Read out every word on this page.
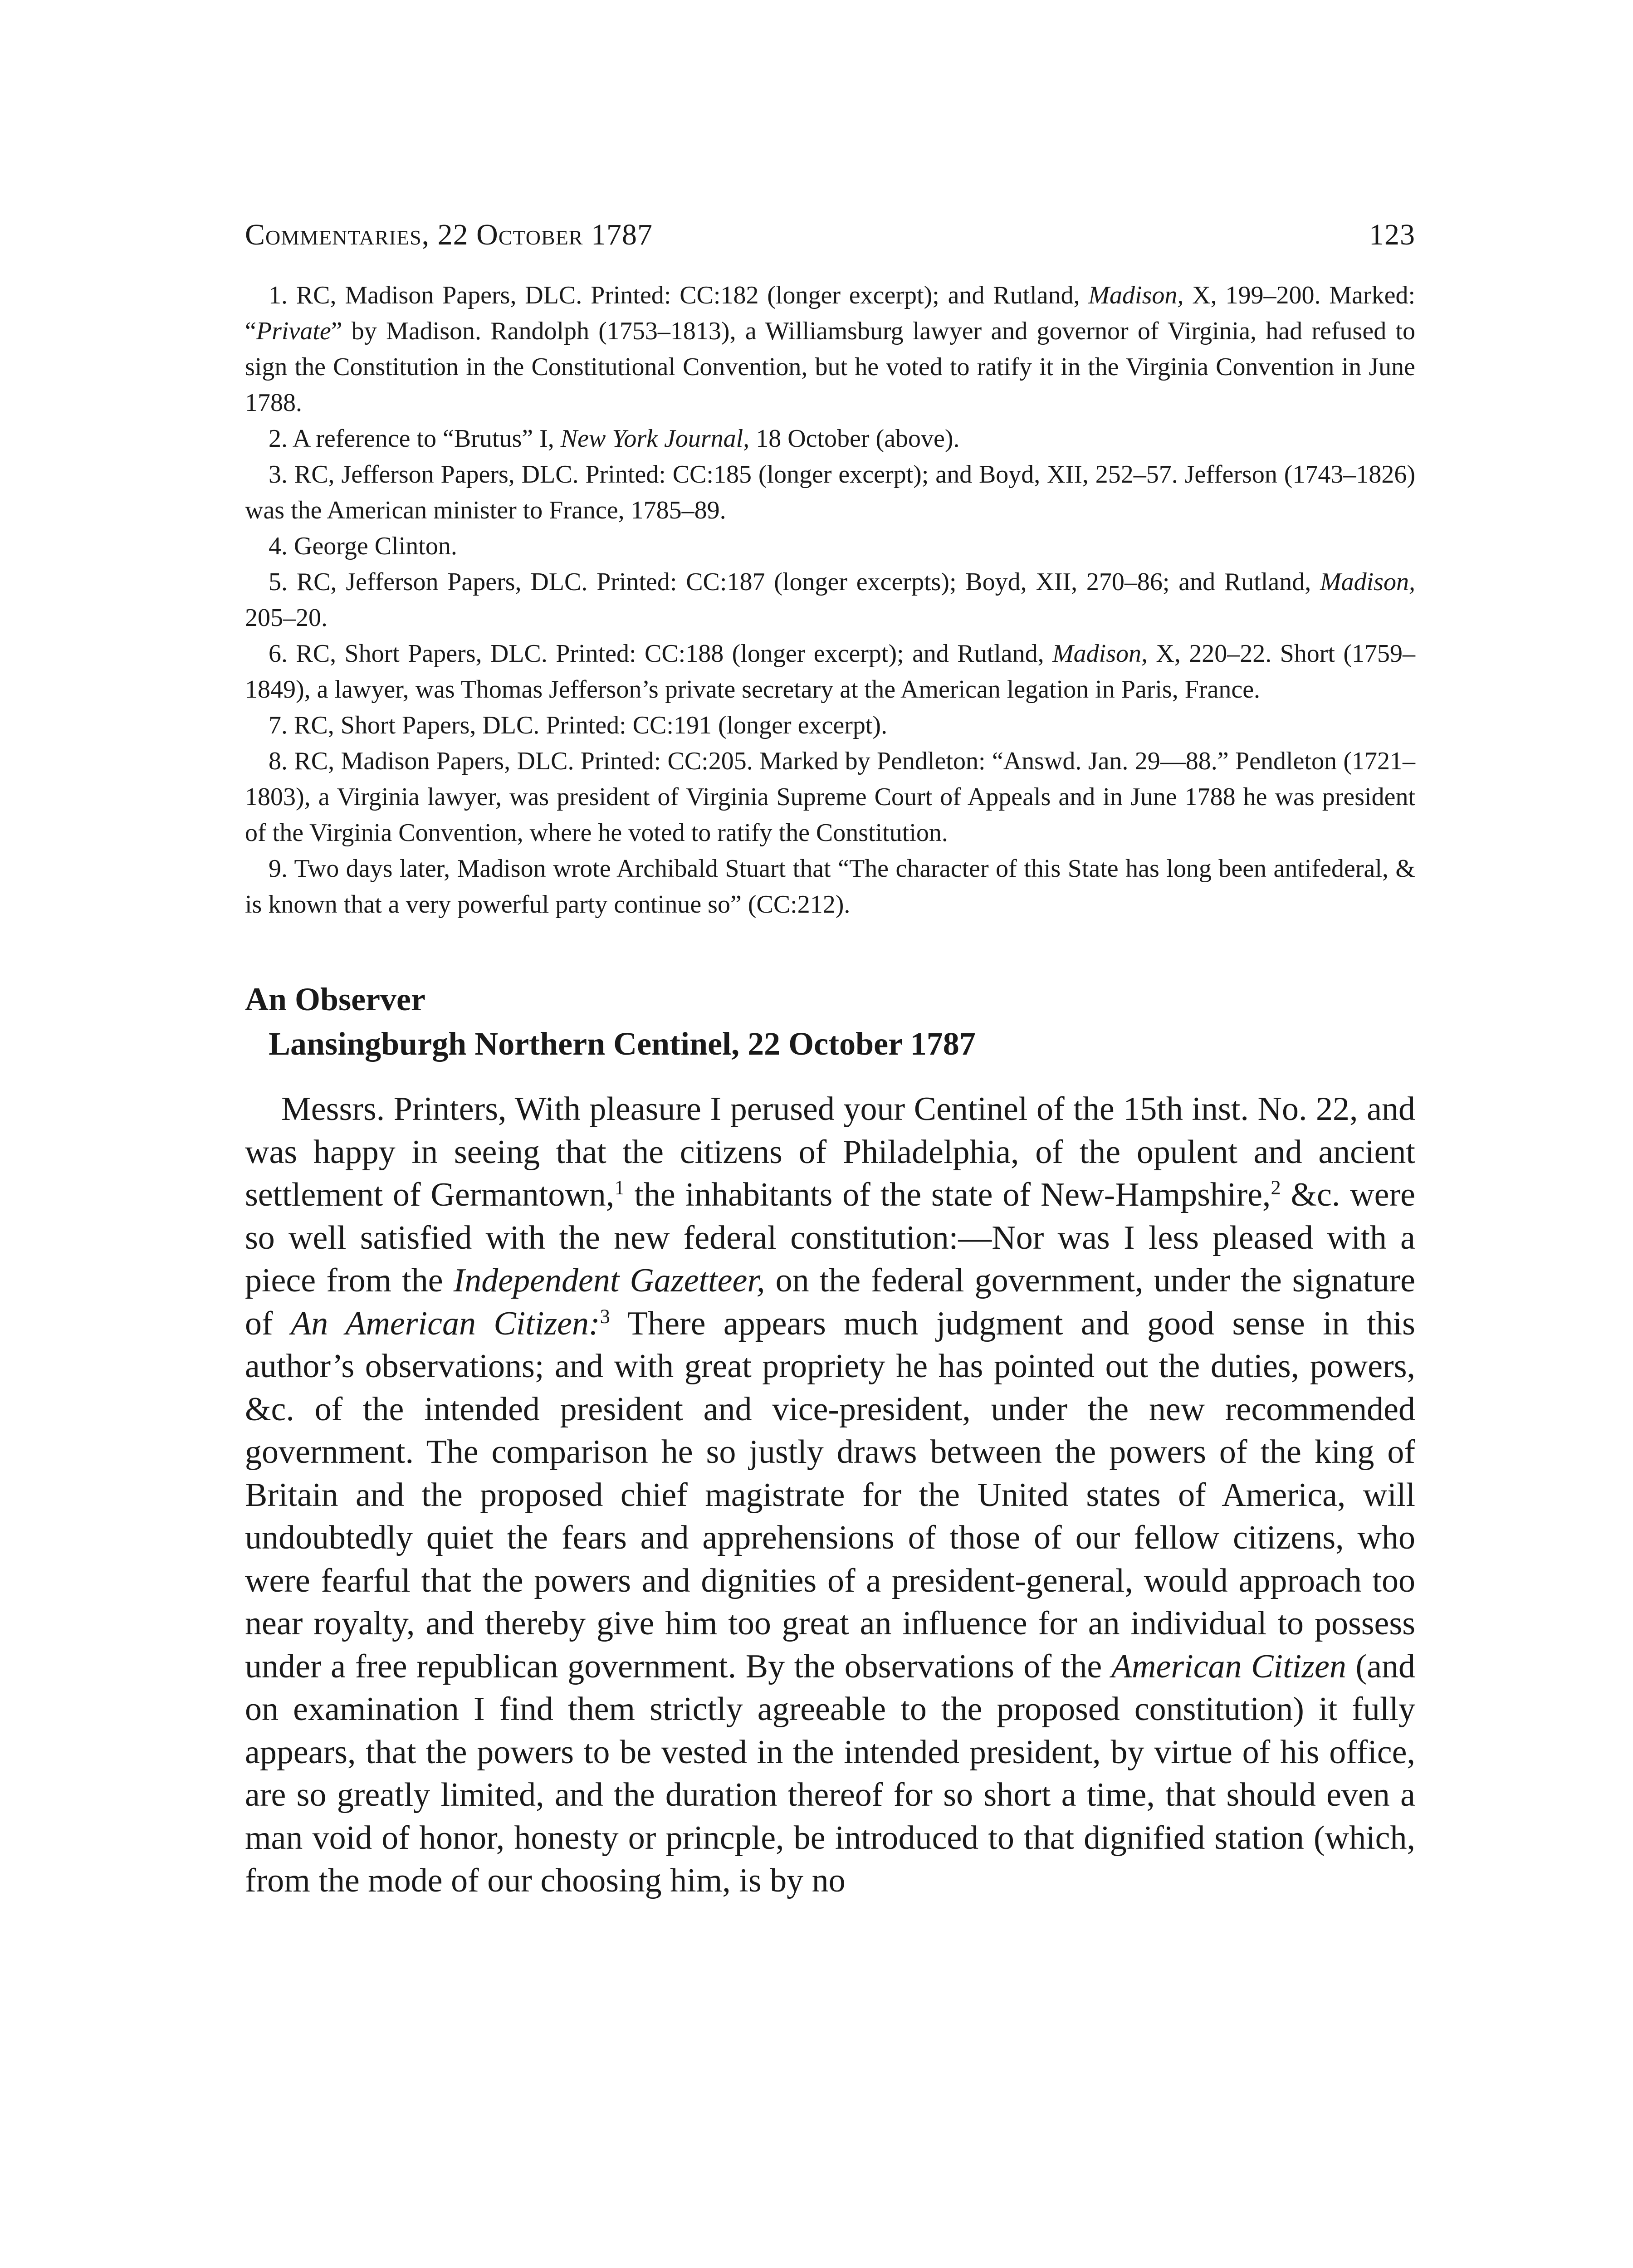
Commentaries, 22 October 1787	123

1. RC, Madison Papers, DLC. Printed: CC:182 (longer excerpt); and Rutland, Madison, X, 199–200. Marked: “Private” by Madison. Randolph (1753–1813), a Williamsburg lawyer and governor of Virginia, had refused to sign the Constitution in the Constitutional Convention, but he voted to ratify it in the Virginia Convention in June 1788.

2. A reference to “Brutus” I, New York Journal, 18 October (above).

3. RC, Jefferson Papers, DLC. Printed: CC:185 (longer excerpt); and Boyd, XII, 252–57. Jefferson (1743–1826) was the American minister to France, 1785–89.

4. George Clinton.

5. RC, Jefferson Papers, DLC. Printed: CC:187 (longer excerpts); Boyd, XII, 270–86; and Rutland, Madison, 205–20.

6. RC, Short Papers, DLC. Printed: CC:188 (longer excerpt); and Rutland, Madison, X, 220–22. Short (1759–1849), a lawyer, was Thomas Jefferson’s private secretary at the American legation in Paris, France.

7. RC, Short Papers, DLC. Printed: CC:191 (longer excerpt).

8. RC, Madison Papers, DLC. Printed: CC:205. Marked by Pendleton: “Answd. Jan. 29—88.” Pendleton (1721–1803), a Virginia lawyer, was president of Virginia Supreme Court of Appeals and in June 1788 he was president of the Virginia Convention, where he voted to ratify the Constitution.

9. Two days later, Madison wrote Archibald Stuart that “The character of this State has long been antifederal, & is known that a very powerful party continue so” (CC:212).

An Observer
Lansingburgh Northern Centinel, 22 October 1787

Messrs. Printers, With pleasure I perused your Centinel of the 15th inst. No. 22, and was happy in seeing that the citizens of Philadelphia, of the opulent and ancient settlement of Germantown,$^1$ the inhabitants of the state of New-Hampshire,$^2$ &c. were so well satisfied with the new federal constitution:—Nor was I less pleased with a piece from the Independent Gazetteer, on the federal government, under the signature of An American Citizen:$^3$ There appears much judgment and good sense in this author’s observations; and with great propriety he has pointed out the duties, powers, &c. of the intended president and vice-president, under the new recommended government. The comparison he so justly draws between the powers of the king of Britain and the proposed chief magistrate for the United states of America, will undoubtedly quiet the fears and apprehensions of those of our fellow citizens, who were fearful that the powers and dignities of a president-general, would approach too near royalty, and thereby give him too great an influence for an individual to possess under a free republican government. By the observations of the American Citizen (and on examination I find them strictly agreeable to the proposed constitution) it fully appears, that the powers to be vested in the intended president, by virtue of his office, are so greatly limited, and the duration thereof for so short a time, that should even a man void of honor, honesty or princple, be introduced to that dignified station (which, from the mode of our choosing him, is by no
